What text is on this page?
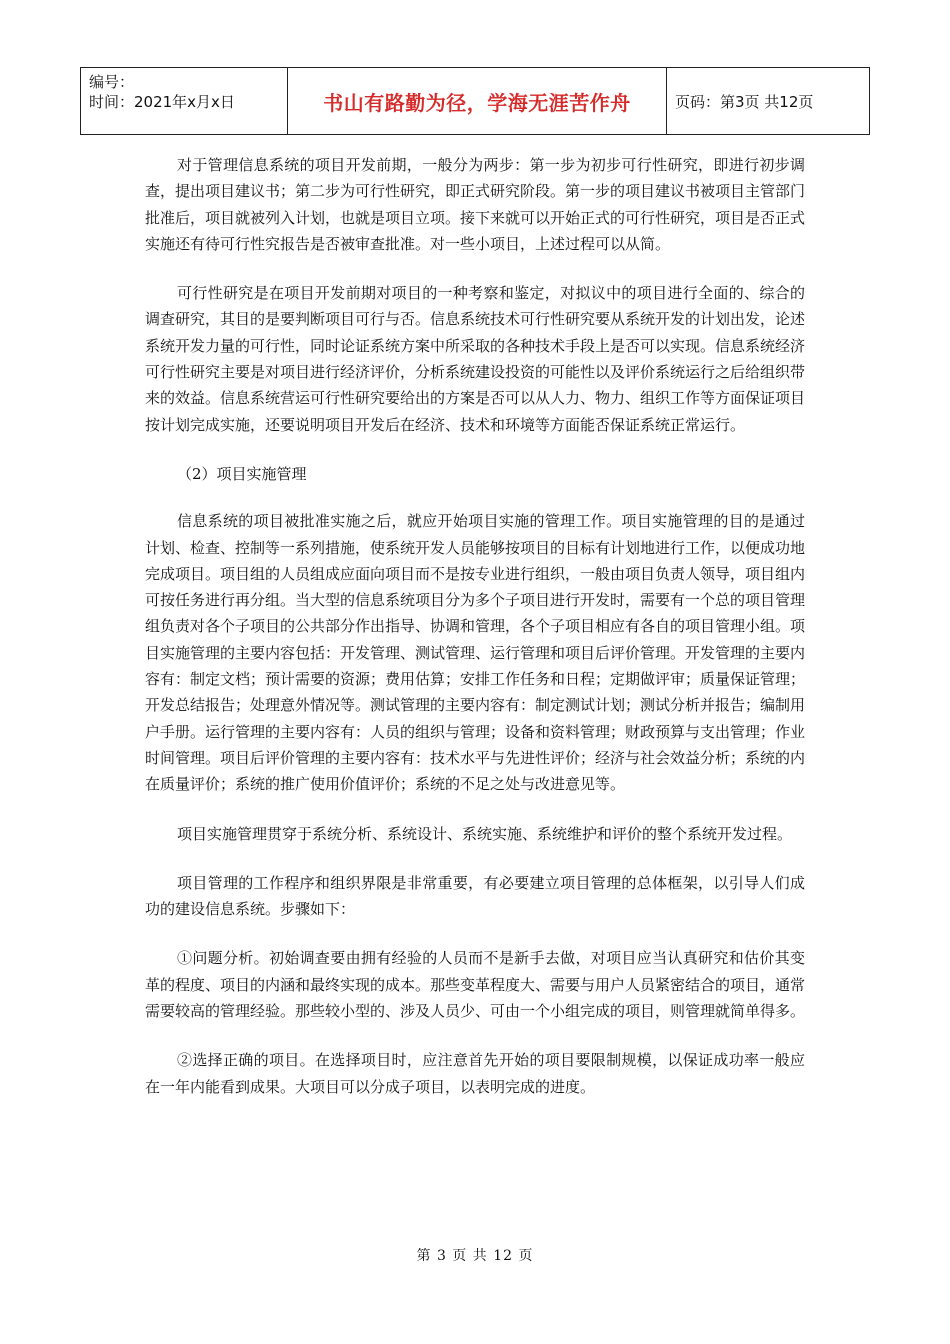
编号：
时间：2021年x月x日	书山有路勤为径，学海无涯苦作舟	页码：第3页 共12页

对于管理信息系统的项目开发前期，一般分为两步：第一步为初步可行性研究，即进行初步调查，提出项目建议书；第二步为可行性研究，即正式研究阶段。第一步的项目建议书被项目主管部门批准后，项目就被列入计划，也就是项目立项。接下来就可以开始正式的可行性研究，项目是否正式实施还有待可行性究报告是否被审查批准。对一些小项目，上述过程可以从简。

可行性研究是在项目开发前期对项目的一种考察和鉴定，对拟议中的项目进行全面的、综合的调查研究，其目的是要判断项目可行与否。信息系统技术可行性研究要从系统开发的计划出发，论述系统开发力量的可行性，同时论证系统方案中所采取的各种技术手段上是否可以实现。信息系统经济可行性研究主要是对项目进行经济评价，分析系统建设投资的可能性以及评价系统运行之后给组织带来的效益。信息系统营运可行性研究要给出的方案是否可以从人力、物力、组织工作等方面保证项目按计划完成实施，还要说明项目开发后在经济、技术和环境等方面能否保证系统正常运行。

（2）项目实施管理

信息系统的项目被批准实施之后，就应开始项目实施的管理工作。项目实施管理的目的是通过计划、检查、控制等一系列措施，使系统开发人员能够按项目的目标有计划地进行工作，以便成功地完成项目。项目组的人员组成应面向项目而不是按专业进行组织，一般由项目负责人领导，项目组内可按任务进行再分组。当大型的信息系统项目分为多个子项目进行开发时，需要有一个总的项目管理组负责对各个子项目的公共部分作出指导、协调和管理，各个子项目相应有各自的项目管理小组。项目实施管理的主要内容包括：开发管理、测试管理、运行管理和项目后评价管理。开发管理的主要内容有：制定文档；预计需要的资源；费用估算；安排工作任务和日程；定期做评审；质量保证管理；开发总结报告；处理意外情况等。测试管理的主要内容有：制定测试计划；测试分析并报告；编制用户手册。运行管理的主要内容有：人员的组织与管理；设备和资料管理；财政预算与支出管理；作业时间管理。项目后评价管理的主要内容有：技术水平与先进性评价；经济与社会效益分析；系统的内在质量评价；系统的推广使用价值评价；系统的不足之处与改进意见等。

项目实施管理贯穿于系统分析、系统设计、系统实施、系统维护和评价的整个系统开发过程。

项目管理的工作程序和组织界限是非常重要，有必要建立项目管理的总体框架，以引导人们成功的建设信息系统。步骤如下：

①问题分析。初始调查要由拥有经验的人员而不是新手去做，对项目应当认真研究和估价其变革的程度、项目的内涵和最终实现的成本。那些变革程度大、需要与用户人员紧密结合的项目，通常需要较高的管理经验。那些较小型的、涉及人员少、可由一个小组完成的项目，则管理就简单得多。

②选择正确的项目。在选择项目时，应注意首先开始的项目要限制规模，以保证成功率一般应在一年内能看到成果。大项目可以分成子项目，以表明完成的进度。

第 3 页 共 12 页
